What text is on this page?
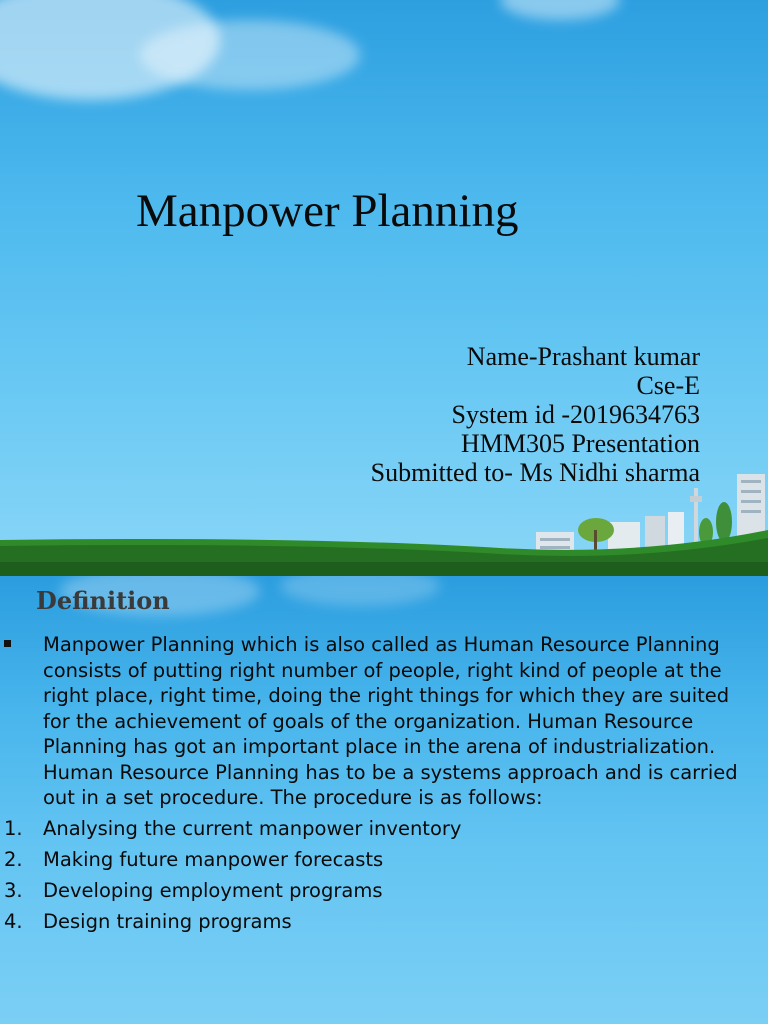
Manpower Planning
Name-Prashant kumar
Cse-E
System id -2019634763
HMM305 Presentation
Submitted to- Ms Nidhi sharma
Definition
Manpower Planning which is also called as Human Resource Planning consists of putting right number of people, right kind of people at the right place, right time, doing the right things for which they are suited for the achievement of goals of the organization. Human Resource Planning has got an important place in the arena of industrialization. Human Resource Planning has to be a systems approach and is carried out in a set procedure. The procedure is as follows:
1. Analysing the current manpower inventory
2. Making future manpower forecasts
3. Developing employment programs
4. Design training programs
